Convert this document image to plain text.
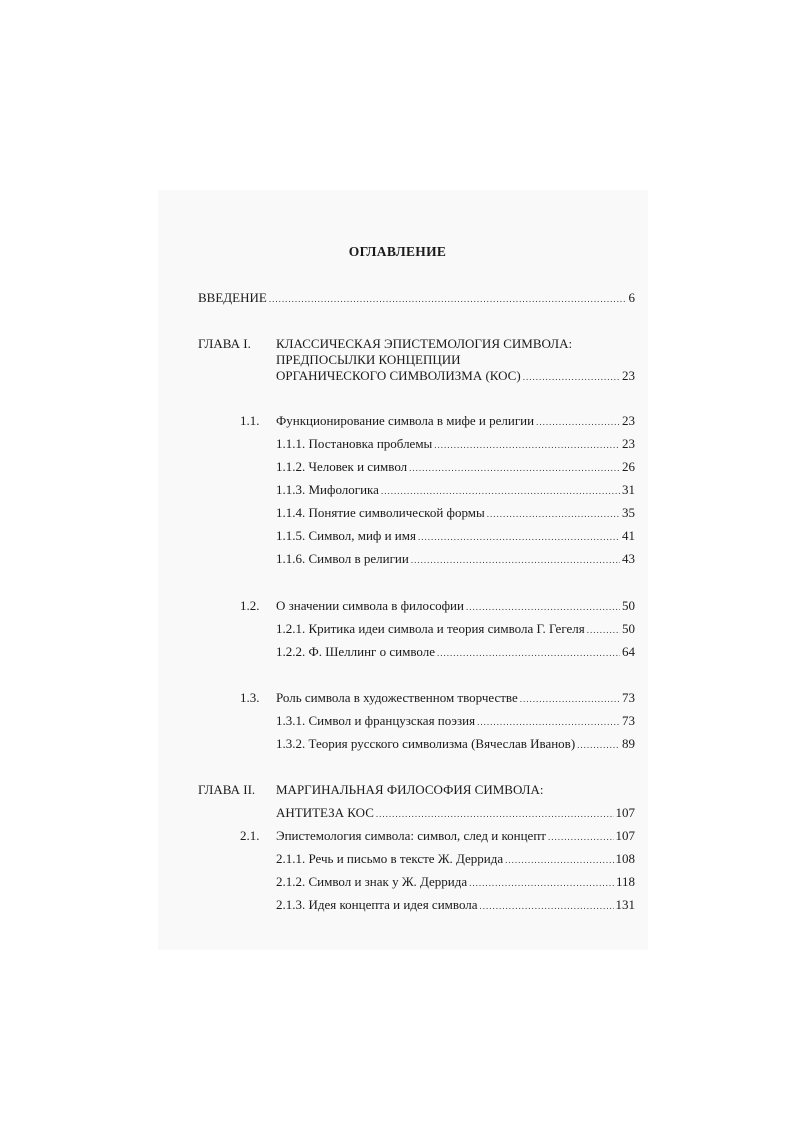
ОГЛАВЛЕНИЕ
ВВЕДЕНИЕ .....	6
ГЛАВА I. КЛАССИЧЕСКАЯ ЭПИСТЕМОЛОГИЯ СИМВОЛА:
ПРЕДПОСЫЛКИ КОНЦЕПЦИИ
ОРГАНИЧЕСКОГО СИМВОЛИЗМА (КОС) .....	23
1.1. Функционирование символа в мифе и религии .....	23
1.1.1. Постановка проблемы .....	23
1.1.2. Человек и символ .....	26
1.1.3. Мифологика .....	31
1.1.4. Понятие символической формы .....	35
1.1.5. Символ, миф и имя .....	41
1.1.6. Символ в религии .....	43
1.2. О значении символа в философии .....	50
1.2.1. Критика идеи символа и теория символа Г. Гегеля .....	50
1.2.2. Ф. Шеллинг о символе .....	64
1.3. Роль символа в художественном творчестве .....	73
1.3.1. Символ и французская поэзия .....	73
1.3.2. Теория русского символизма (Вячеслав Иванов) .....	89
ГЛАВА II. МАРГИНАЛЬНАЯ ФИЛОСОФИЯ СИМВОЛА:
АНТИТЕЗА КОС .....	107
2.1. Эпистемология символа: символ, след и концепт .....	107
2.1.1. Речь и письмо в тексте Ж. Деррида .....	108
2.1.2. Символ и знак у Ж. Деррида .....	118
2.1.3. Идея концепта и идея символа .....	131
